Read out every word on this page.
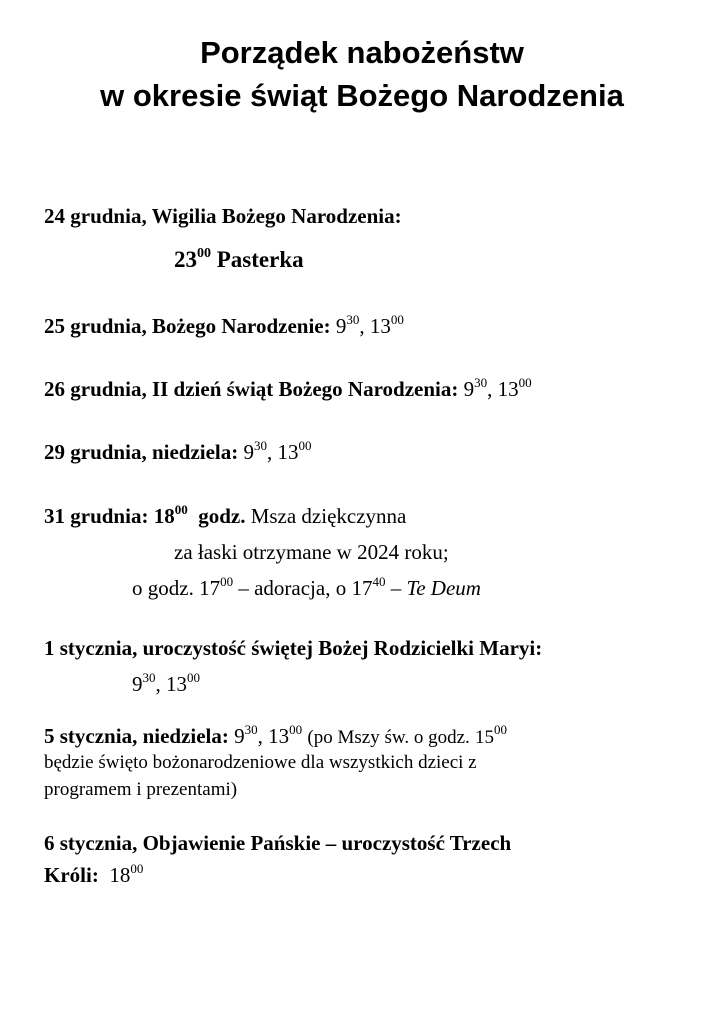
Porządek nabożeństw
w okresie świąt Bożego Narodzenia
24 grudnia, Wigilia Bożego Narodzenia:
$23^{00}$ Pasterka
25 grudnia, Bożego Narodzenie: $9^{30}$, $13^{00}$
26 grudnia, II dzień świąt Bożego Narodzenia: $9^{30}$, $13^{00}$
29 grudnia, niedziela: $9^{30}$, $13^{00}$
31 grudnia: $18^{00}$ godz. Msza dziękczynna
za łaski otrzymane w 2024 roku;
o godz. $17^{00}$ – adoracja, o $17^{40}$ – Te Deum
1 stycznia, uroczystość świętej Bożej Rodzicielki Maryi:
$9^{30}$, $13^{00}$
5 stycznia, niedziela: $9^{30}$, $13^{00}$ (po Mszy św. o godz. $15^{00}$
będzie święto bożonarodzeniowe dla wszystkich dzieci z
programem i prezentami)
6 stycznia, Objawienie Pańskie – uroczystość Trzech
Króli: $18^{00}$
